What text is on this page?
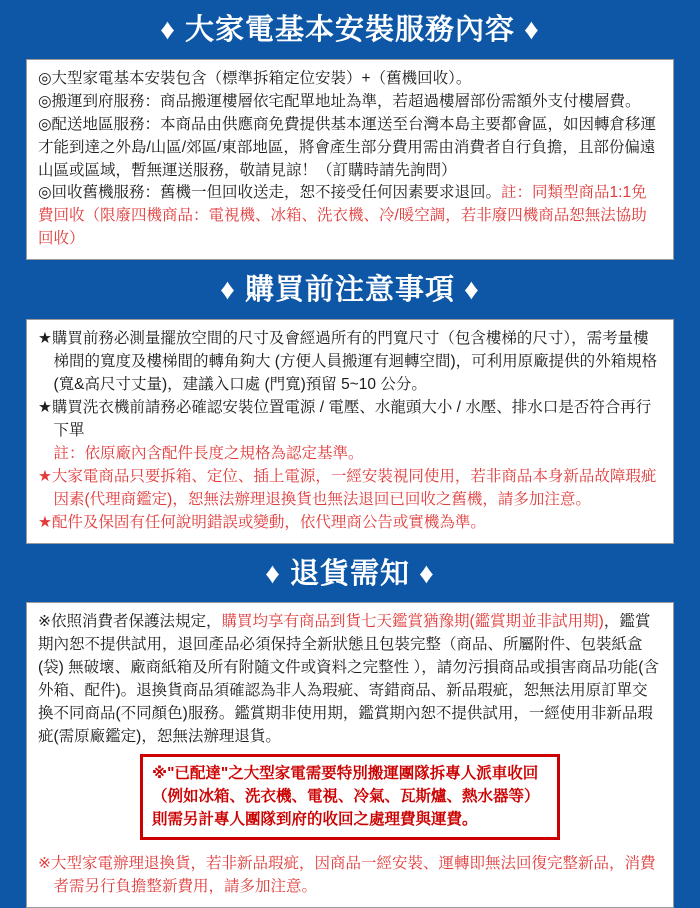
♦ 大家電基本安裝服務內容 ♦

◎大型家電基本安裝包含（標準拆箱定位安裝）+（舊機回收）。

◎搬運到府服務：商品搬運樓層依宅配單地址為準，若超過樓層部份需額外支付樓層費。

◎配送地區服務：本商品由供應商免費提供基本運送至台灣本島主要都會區，如因轉倉移運才能到達之外島/山區/郊區/東部地區，將會產生部分費用需由消費者自行負擔，且部份偏遠山區或區域，暫無運送服務，敬請見諒！（訂購時請先詢問）

◎回收舊機服務：舊機一但回收送走，恕不接受任何因素要求退回。註：同類型商品1:1免費回收（限廢四機商品：電視機、冰箱、洗衣機、冷/暖空調，若非廢四機商品恕無法協助回收）

♦ 購買前注意事項 ♦

★購買前務必測量擺放空間的尺寸及會經過所有的門寬尺寸（包含樓梯的尺寸），需考量樓梯間的寬度及樓梯間的轉角夠大 (方便人員搬運有迴轉空間)，可利用原廠提供的外箱規格 (寬&高尺寸丈量)，建議入口處 (門寬)預留 5~10 公分。

★購買洗衣機前請務必確認安裝位置電源 / 電壓、水龍頭大小 / 水壓、排水口是否符合再行下單

註：依原廠內含配件長度之規格為認定基準。

★大家電商品只要拆箱、定位、插上電源，一經安裝視同使用，若非商品本身新品故障瑕疵因素(代理商鑑定)，恕無法辦理退換貨也無法退回已回收之舊機，請多加注意。

★配件及保固有任何說明錯誤或變動，依代理商公告或實機為準。

♦ 退貨需知 ♦

※依照消費者保護法規定，購買均享有商品到貨七天鑑賞猶豫期(鑑賞期並非試用期)，鑑賞期內恕不提供試用，退回產品必須保持全新狀態且包裝完整（商品、所屬附件、包裝紙盒(袋) 無破壞、廠商紙箱及所有附隨文件或資料之完整性 ），請勿污損商品或損害商品功能(含外箱、配件)。退換貨商品須確認為非人為瑕疵、寄錯商品、新品瑕疵，恕無法用原訂單交換不同商品(不同顏色)服務。鑑賞期非使用期，鑑賞期內恕不提供試用，一經使用非新品瑕疵(需原廠鑑定)，恕無法辦理退貨。

※"已配達"之大型家電需要特別搬運團隊拆專人派車收回
（例如冰箱、洗衣機、電視、冷氣、瓦斯爐、熱水器等）
則需另計專人團隊到府的收回之處理費與運費。

※大型家電辦理退換貨，若非新品瑕疵，因商品一經安裝、運轉即無法回復完整新品，消費者需另行負擔整新費用，請多加注意。
